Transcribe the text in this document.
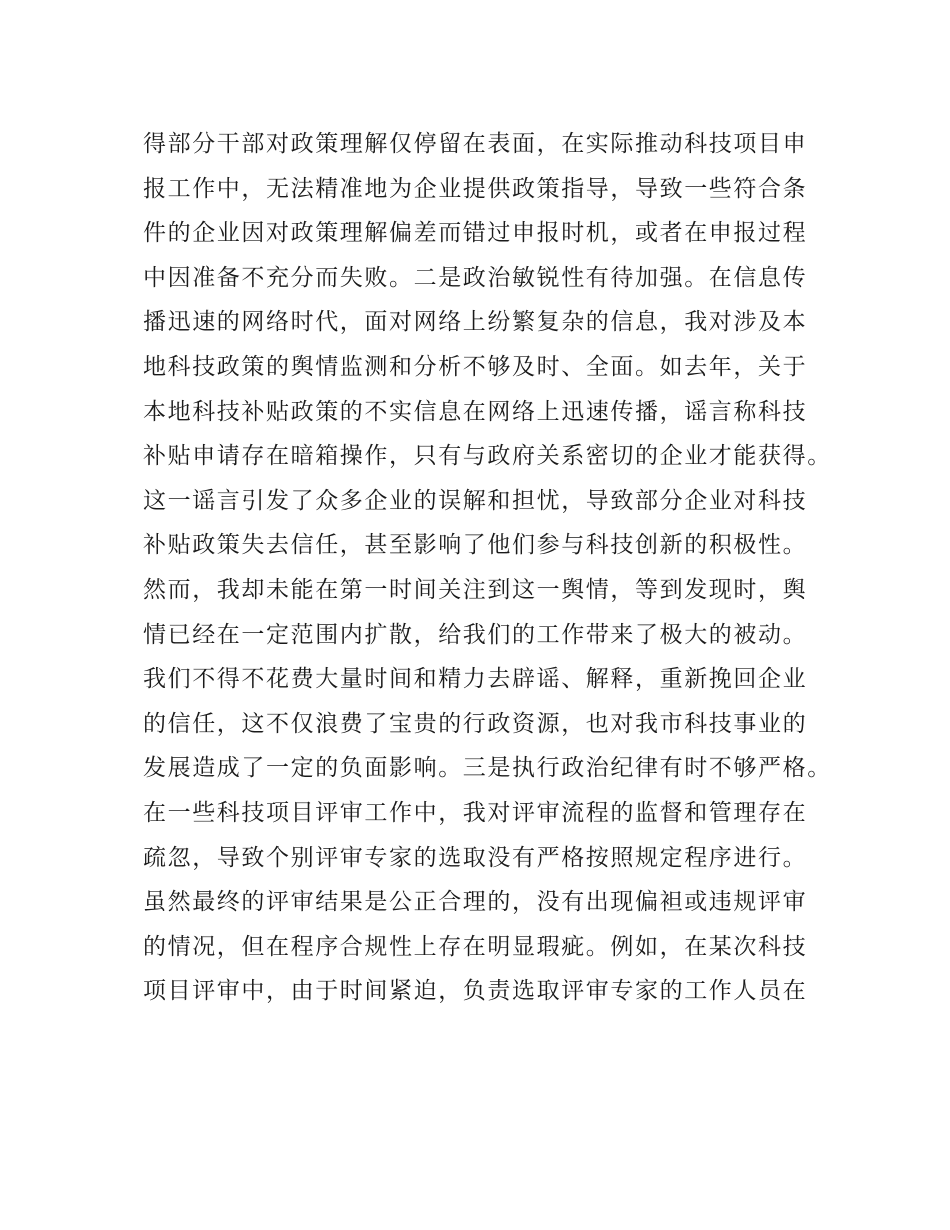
得部分干部对政策理解仅停留在表面，在实际推动科技项目申
报工作中，无法精准地为企业提供政策指导，导致一些符合条
件的企业因对政策理解偏差而错过申报时机，或者在申报过程
中因准备不充分而失败。二是政治敏锐性有待加强。在信息传
播迅速的网络时代，面对网络上纷繁复杂的信息，我对涉及本
地科技政策的舆情监测和分析不够及时、全面。如去年，关于
本地科技补贴政策的不实信息在网络上迅速传播，谣言称科技
补贴申请存在暗箱操作，只有与政府关系密切的企业才能获得。
这一谣言引发了众多企业的误解和担忧，导致部分企业对科技
补贴政策失去信任，甚至影响了他们参与科技创新的积极性。
然而，我却未能在第一时间关注到这一舆情，等到发现时，舆
情已经在一定范围内扩散，给我们的工作带来了极大的被动。
我们不得不花费大量时间和精力去辟谣、解释，重新挽回企业
的信任，这不仅浪费了宝贵的行政资源，也对我市科技事业的
发展造成了一定的负面影响。三是执行政治纪律有时不够严格。
在一些科技项目评审工作中，我对评审流程的监督和管理存在
疏忽，导致个别评审专家的选取没有严格按照规定程序进行。
虽然最终的评审结果是公正合理的，没有出现偏袒或违规评审
的情况，但在程序合规性上存在明显瑕疵。例如，在某次科技
项目评审中，由于时间紧迫，负责选取评审专家的工作人员在
